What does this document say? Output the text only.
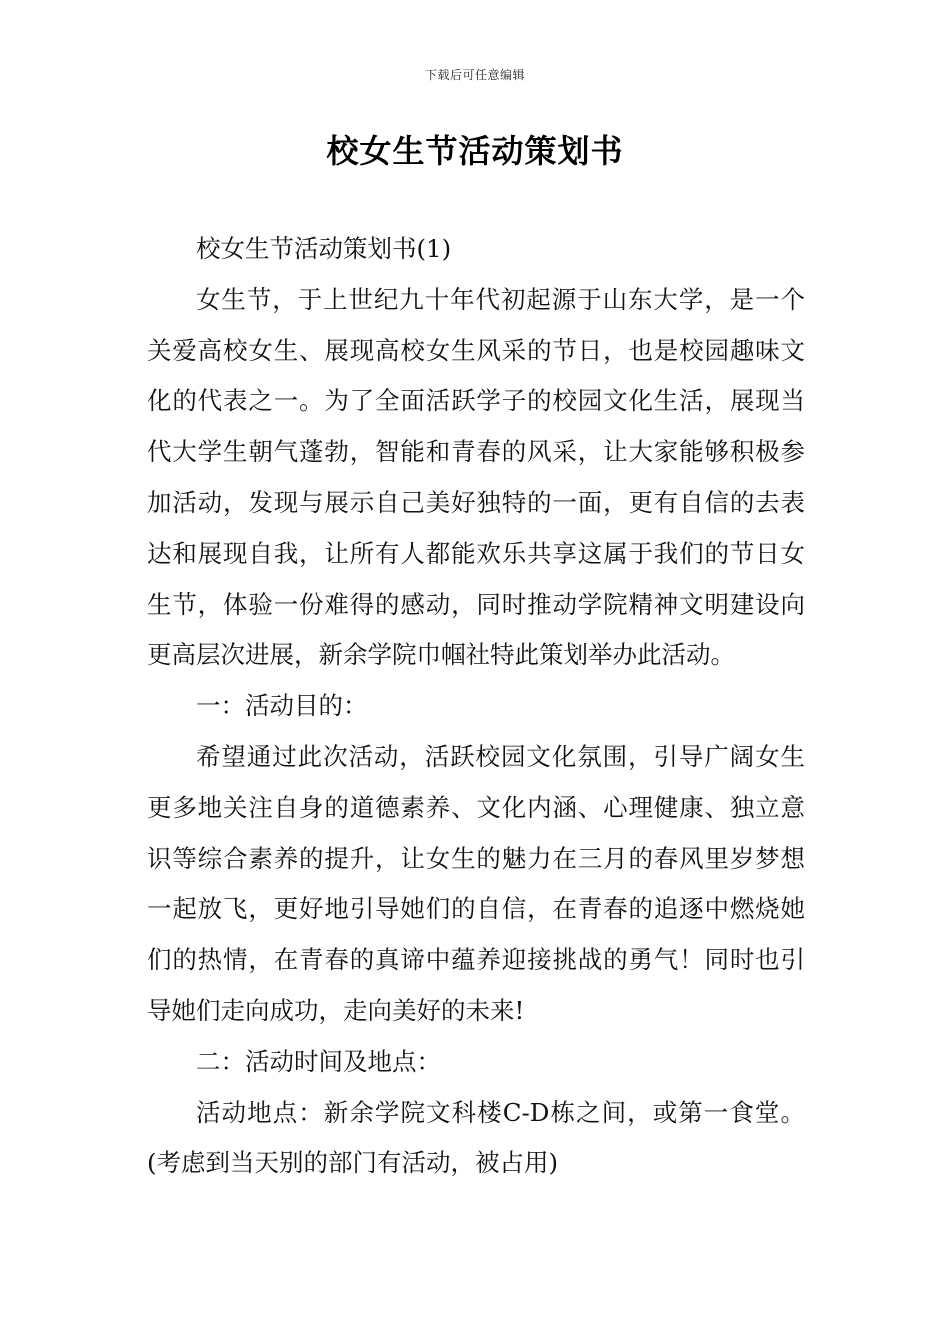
下载后可任意编辑
校女生节活动策划书

校女生节活动策划书(1)

女生节，于上世纪九十年代初起源于山东大学，是一个关爱高校女生、展现高校女生风采的节日，也是校园趣味文化的代表之一。为了全面活跃学子的校园文化生活，展现当代大学生朝气蓬勃，智能和青春的风采，让大家能够积极参加活动，发现与展示自己美好独特的一面，更有自信的去表达和展现自我，让所有人都能欢乐共享这属于我们的节日女生节，体验一份难得的感动，同时推动学院精神文明建设向更高层次进展，新余学院巾帼社特此策划举办此活动。

一：活动目的：

希望通过此次活动，活跃校园文化氛围，引导广阔女生更多地关注自身的道德素养、文化内涵、心理健康、独立意识等综合素养的提升，让女生的魅力在三月的春风里岁梦想一起放飞，更好地引导她们的自信，在青春的追逐中燃烧她们的热情，在青春的真谛中蕴养迎接挑战的勇气！同时也引导她们走向成功，走向美好的未来!

二：活动时间及地点：

活动地点：新余学院文科楼C-D栋之间，或第一食堂。(考虑到当天别的部门有活动，被占用)
